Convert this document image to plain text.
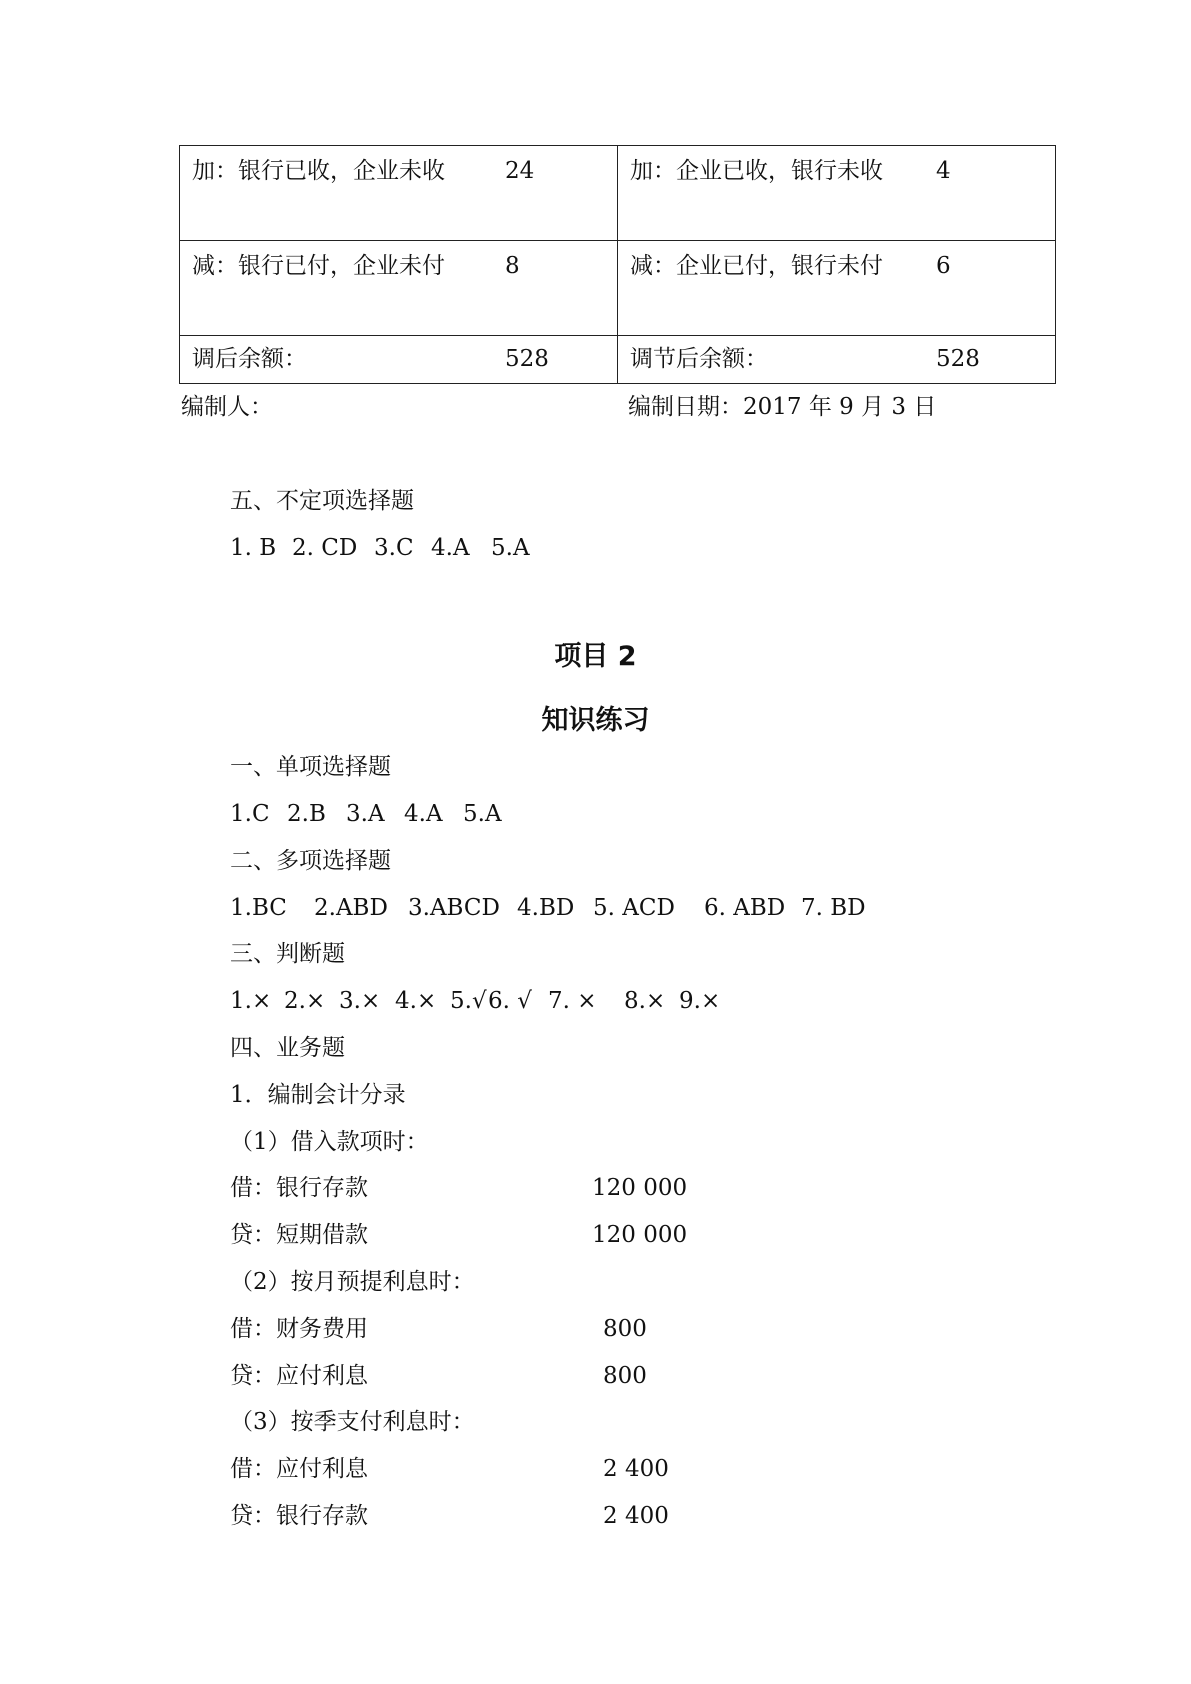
加：银行已收，企业未收 24	加：企业已收，银行未收 4

减：银行已付，企业未付 8	减：企业已付，银行未付 6

调后余额： 528	调节后余额： 528
编制人：	编制日期：2017 年 9 月 3 日
五、不定项选择题
1. B 2. CD 3.C 4.A 5.A
项目 2
知识练习
一、单项选择题
1.C 2.B 3.A 4.A 5.A
二、多项选择题
1.BC 2.ABD 3.ABCD 4.BD 5. ACD 6. ABD 7. BD
三、判断题
1.× 2.× 3.× 4.× 5.√6. √ 7. × 8.× 9.×
四、业务题
1．编制会计分录
（1）借入款项时：
借：银行存款	120 000
贷：短期借款	120 000
（2）按月预提利息时：
借：财务费用	800
贷：应付利息	800
（3）按季支付利息时：
借：应付利息	2 400
贷：银行存款	2 400
